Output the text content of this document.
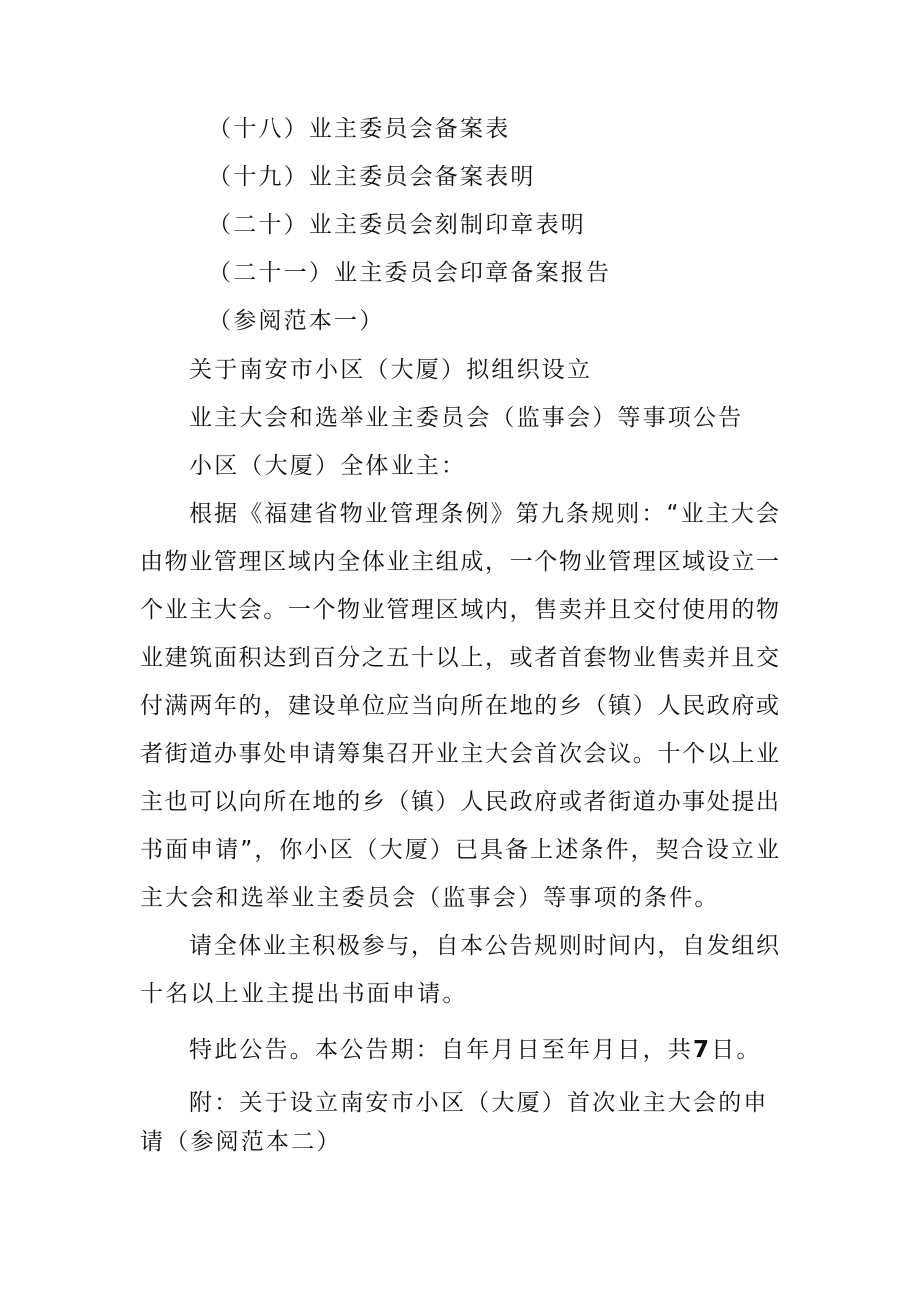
（十八）业主委员会备案表
（十九）业主委员会备案表明
（二十）业主委员会刻制印章表明
（二十一）业主委员会印章备案报告
（参阅范本一）
关于南安市小区（大厦）拟组织设立
业主大会和选举业主委员会（监事会）等事项公告
小区（大厦）全体业主：
根据《福建省物业管理条例》第九条规则：“业主大会
由物业管理区域内全体业主组成，一个物业管理区域设立一
个业主大会。一个物业管理区域内，售卖并且交付使用的物
业建筑面积达到百分之五十以上，或者首套物业售卖并且交
付满两年的，建设单位应当向所在地的乡（镇）人民政府或
者街道办事处申请筹集召开业主大会首次会议。十个以上业
主也可以向所在地的乡（镇）人民政府或者街道办事处提出
书面申请”，你小区（大厦）已具备上述条件，契合设立业
主大会和选举业主委员会（监事会）等事项的条件。
请全体业主积极参与，自本公告规则时间内，自发组织
十名以上业主提出书面申请。
特此公告。本公告期：自年月日至年月日，共7日。
附：关于设立南安市小区（大厦）首次业主大会的申
请（参阅范本二）
